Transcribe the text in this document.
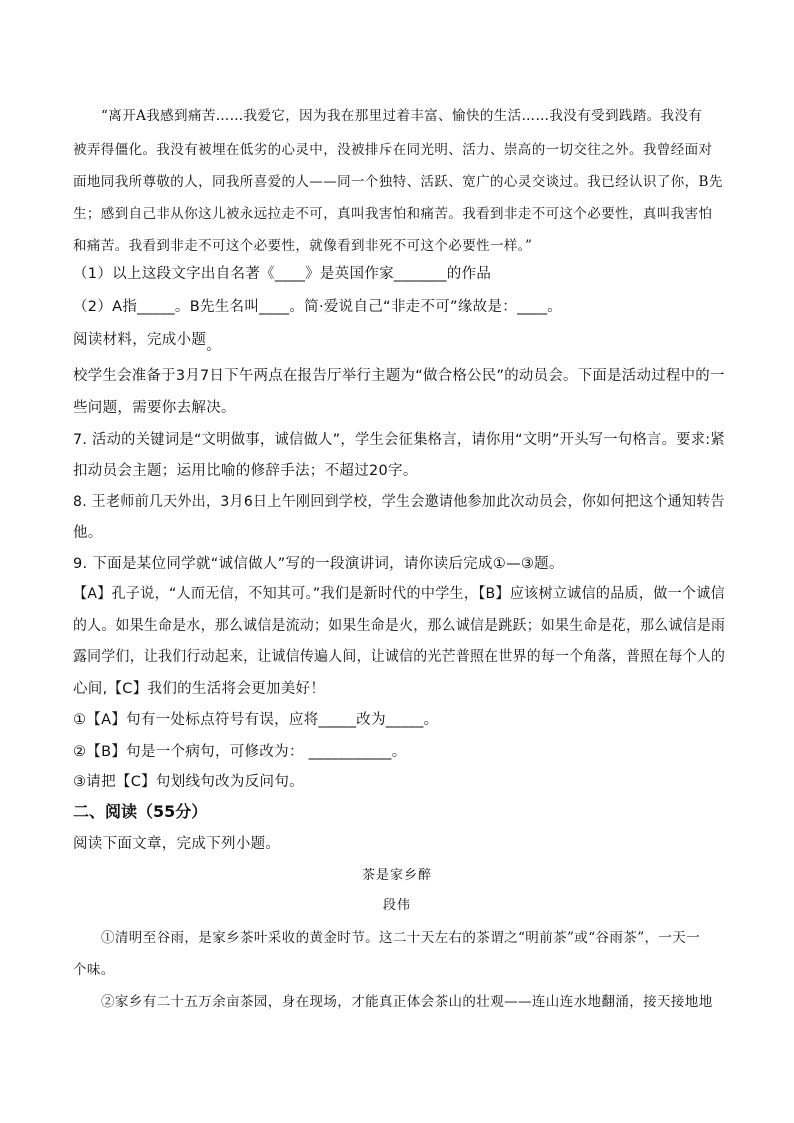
“离开A我感到痛苦……我爱它，因为我在那里过着丰富、愉快的生活……我没有受到践踏。我没有
被弄得僵化。我没有被埋在低劣的心灵中，没被排斥在同光明、活力、崇高的一切交往之外。我曾经面对
面地同我所尊敬的人，同我所喜爱的人——同一个独特、活跃、宽广的心灵交谈过。我已经认识了你，B先
生；感到自己非从你这儿被永远拉走不可，真叫我害怕和痛苦。我看到非走不可这个必要性，真叫我害怕
和痛苦。我看到非走不可这个必要性，就像看到非死不可这个必要性一样。”
（1）以上这段文字出自名著《____》是英国作家_______的作品
（2）A指_____。B先生名叫____。简·爱说自己“非走不可”缘故是：____。
阅读材料，完成小题。
校学生会准备于3月7日下午两点在报告厅举行主题为“做合格公民”的动员会。下面是活动过程中的一
些问题，需要你去解决。
7. 活动的关键词是“文明做事，诚信做人”，学生会征集格言，请你用“文明”开头写一句格言。要求:紧
扣动员会主题；运用比喻的修辞手法；不超过20字。
8. 王老师前几天外出，3月6日上午刚回到学校，学生会邀请他参加此次动员会，你如何把这个通知转告
他。
9. 下面是某位同学就“诚信做人”写的一段演讲词，请你读后完成①—③题。
【A】孔子说，“人而无信，不知其可。”我们是新时代的中学生，【B】应该树立诚信的品质，做一个诚信
的人。如果生命是水，那么诚信是流动；如果生命是火，那么诚信是跳跃；如果生命是花，那么诚信是雨
露同学们，让我们行动起来，让诚信传遍人间，让诚信的光芒普照在世界的每一个角落，普照在每个人的
心间,【C】我们的生活将会更加美好！
①【A】句有一处标点符号有误，应将_____改为_____。
②【B】句是一个病句，可修改为： ___________。
③请把【C】句划线句改为反问句。
二、阅读（55分）
阅读下面文章，完成下列小题。
茶是家乡醉
段伟
①清明至谷雨，是家乡茶叶采收的黄金时节。这二十天左右的茶谓之“明前茶”或“谷雨茶”，一天一
个味。
②家乡有二十五万余亩茶园，身在现场，才能真正体会茶山的壮观——连山连水地翻涌，接天接地地
